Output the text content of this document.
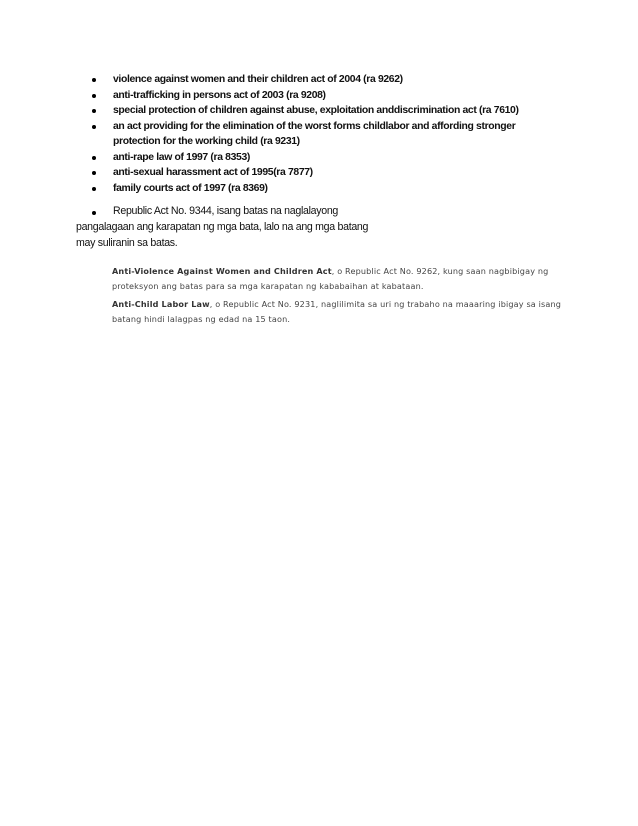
violence against women and their children act of 2004 (ra 9262)
anti-trafficking in persons act of 2003 (ra 9208)
special protection of children against abuse, exploitation anddiscrimination act (ra 7610)
an act providing for the elimination of the worst forms childlabor and affording stronger protection for the working child (ra 9231)
anti-rape law of 1997 (ra 8353)
anti-sexual harassment act of 1995(ra 7877)
family courts act of 1997 (ra 8369)

Republic Act No. 9344, isang batas na naglalayong pangalagaan ang karapatan ng mga bata, lalo na ang mga batang may suliranin sa batas.

Anti-Violence Against Women and Children Act, o Republic Act No. 9262, kung saan nagbibigay ng proteksyon ang batas para sa mga karapatan ng kababaihan at kabataan.

Anti-Child Labor Law, o Republic Act No. 9231, naglilimita sa uri ng trabaho na maaaring ibigay sa isang batang hindi lalagpas ng edad na 15 taon.
